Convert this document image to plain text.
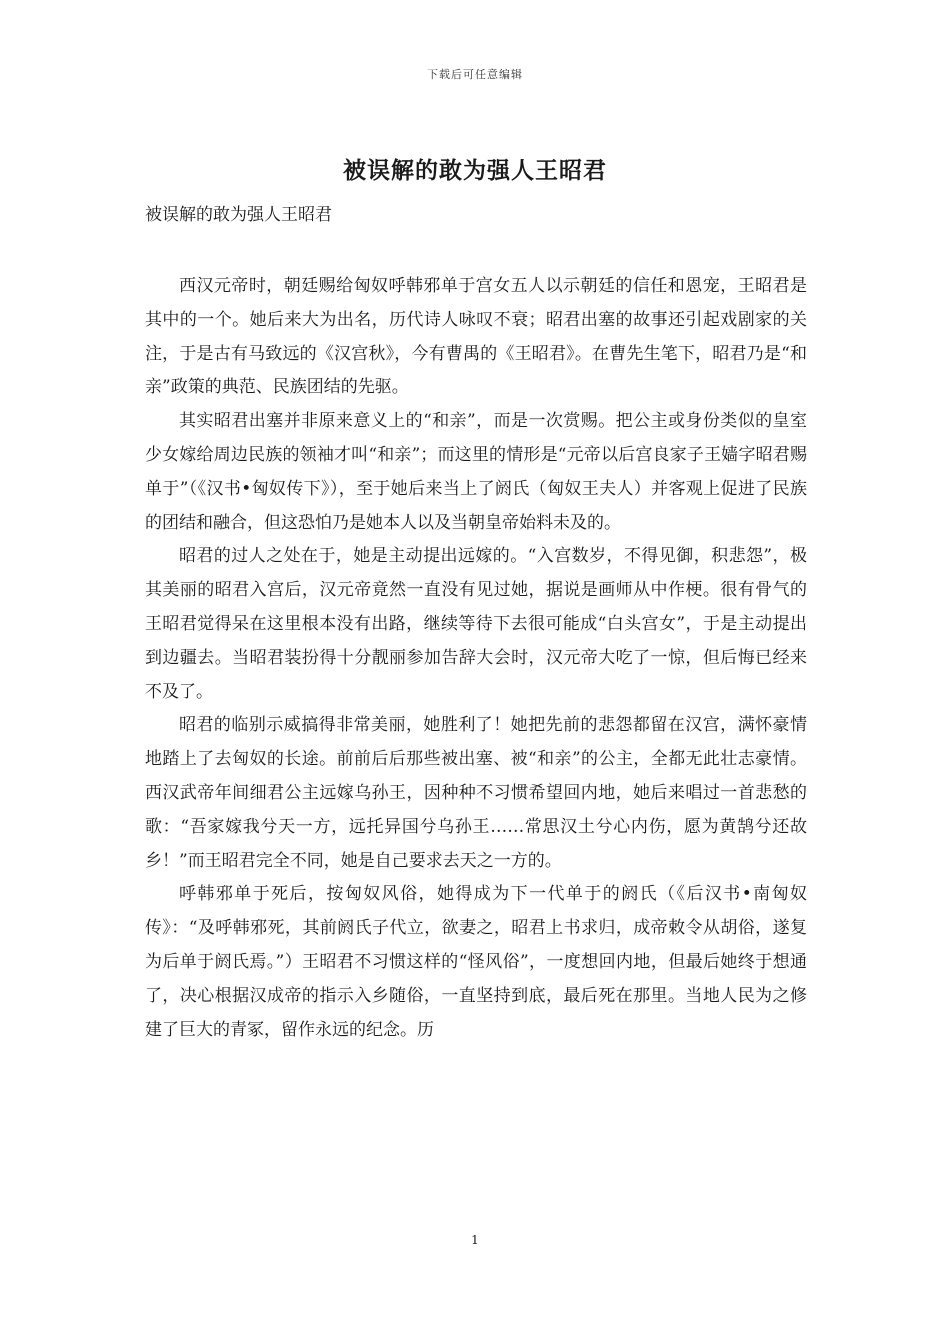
下载后可任意编辑
被误解的敢为强人王昭君
被误解的敢为强人王昭君

西汉元帝时，朝廷赐给匈奴呼韩邪单于宫女五人以示朝廷的信任和恩宠，王昭君是其中的一个。她后来大为出名，历代诗人咏叹不衰；昭君出塞的故事还引起戏剧家的关注，于是古有马致远的《汉宫秋》，今有曹禺的《王昭君》。在曹先生笔下，昭君乃是“和亲”政策的典范、民族团结的先驱。

其实昭君出塞并非原来意义上的“和亲”，而是一次赏赐。把公主或身份类似的皇室少女嫁给周边民族的领袖才叫“和亲”；而这里的情形是“元帝以后宫良家子王嫱字昭君赐单于”（《汉书•匈奴传下》），至于她后来当上了阏氏（匈奴王夫人）并客观上促进了民族的团结和融合，但这恐怕乃是她本人以及当朝皇帝始料未及的。

昭君的过人之处在于，她是主动提出远嫁的。“入宫数岁，不得见御，积悲怨”，极其美丽的昭君入宫后，汉元帝竟然一直没有见过她，据说是画师从中作梗。很有骨气的王昭君觉得呆在这里根本没有出路，继续等待下去很可能成“白头宫女”，于是主动提出到边疆去。当昭君装扮得十分靓丽参加告辞大会时，汉元帝大吃了一惊，但后悔已经来不及了。

昭君的临别示威搞得非常美丽，她胜利了！她把先前的悲怨都留在汉宫，满怀豪情地踏上了去匈奴的长途。前前后后那些被出塞、被“和亲”的公主，全都无此壮志豪情。西汉武帝年间细君公主远嫁乌孙王，因种种不习惯希望回内地，她后来唱过一首悲愁的歌：“吾家嫁我兮天一方，远托异国兮乌孙王……常思汉土兮心内伤，愿为黄鹄兮还故乡！”而王昭君完全不同，她是自己要求去天之一方的。

呼韩邪单于死后，按匈奴风俗，她得成为下一代单于的阏氏（《后汉书•南匈奴传》：“及呼韩邪死，其前阏氏子代立，欲妻之，昭君上书求归，成帝敕令从胡俗，遂复为后单于阏氏焉。”）王昭君不习惯这样的“怪风俗”，一度想回内地，但最后她终于想通了，决心根据汉成帝的指示入乡随俗，一直坚持到底，最后死在那里。当地人民为之修建了巨大的青冢，留作永远的纪念。历

1
